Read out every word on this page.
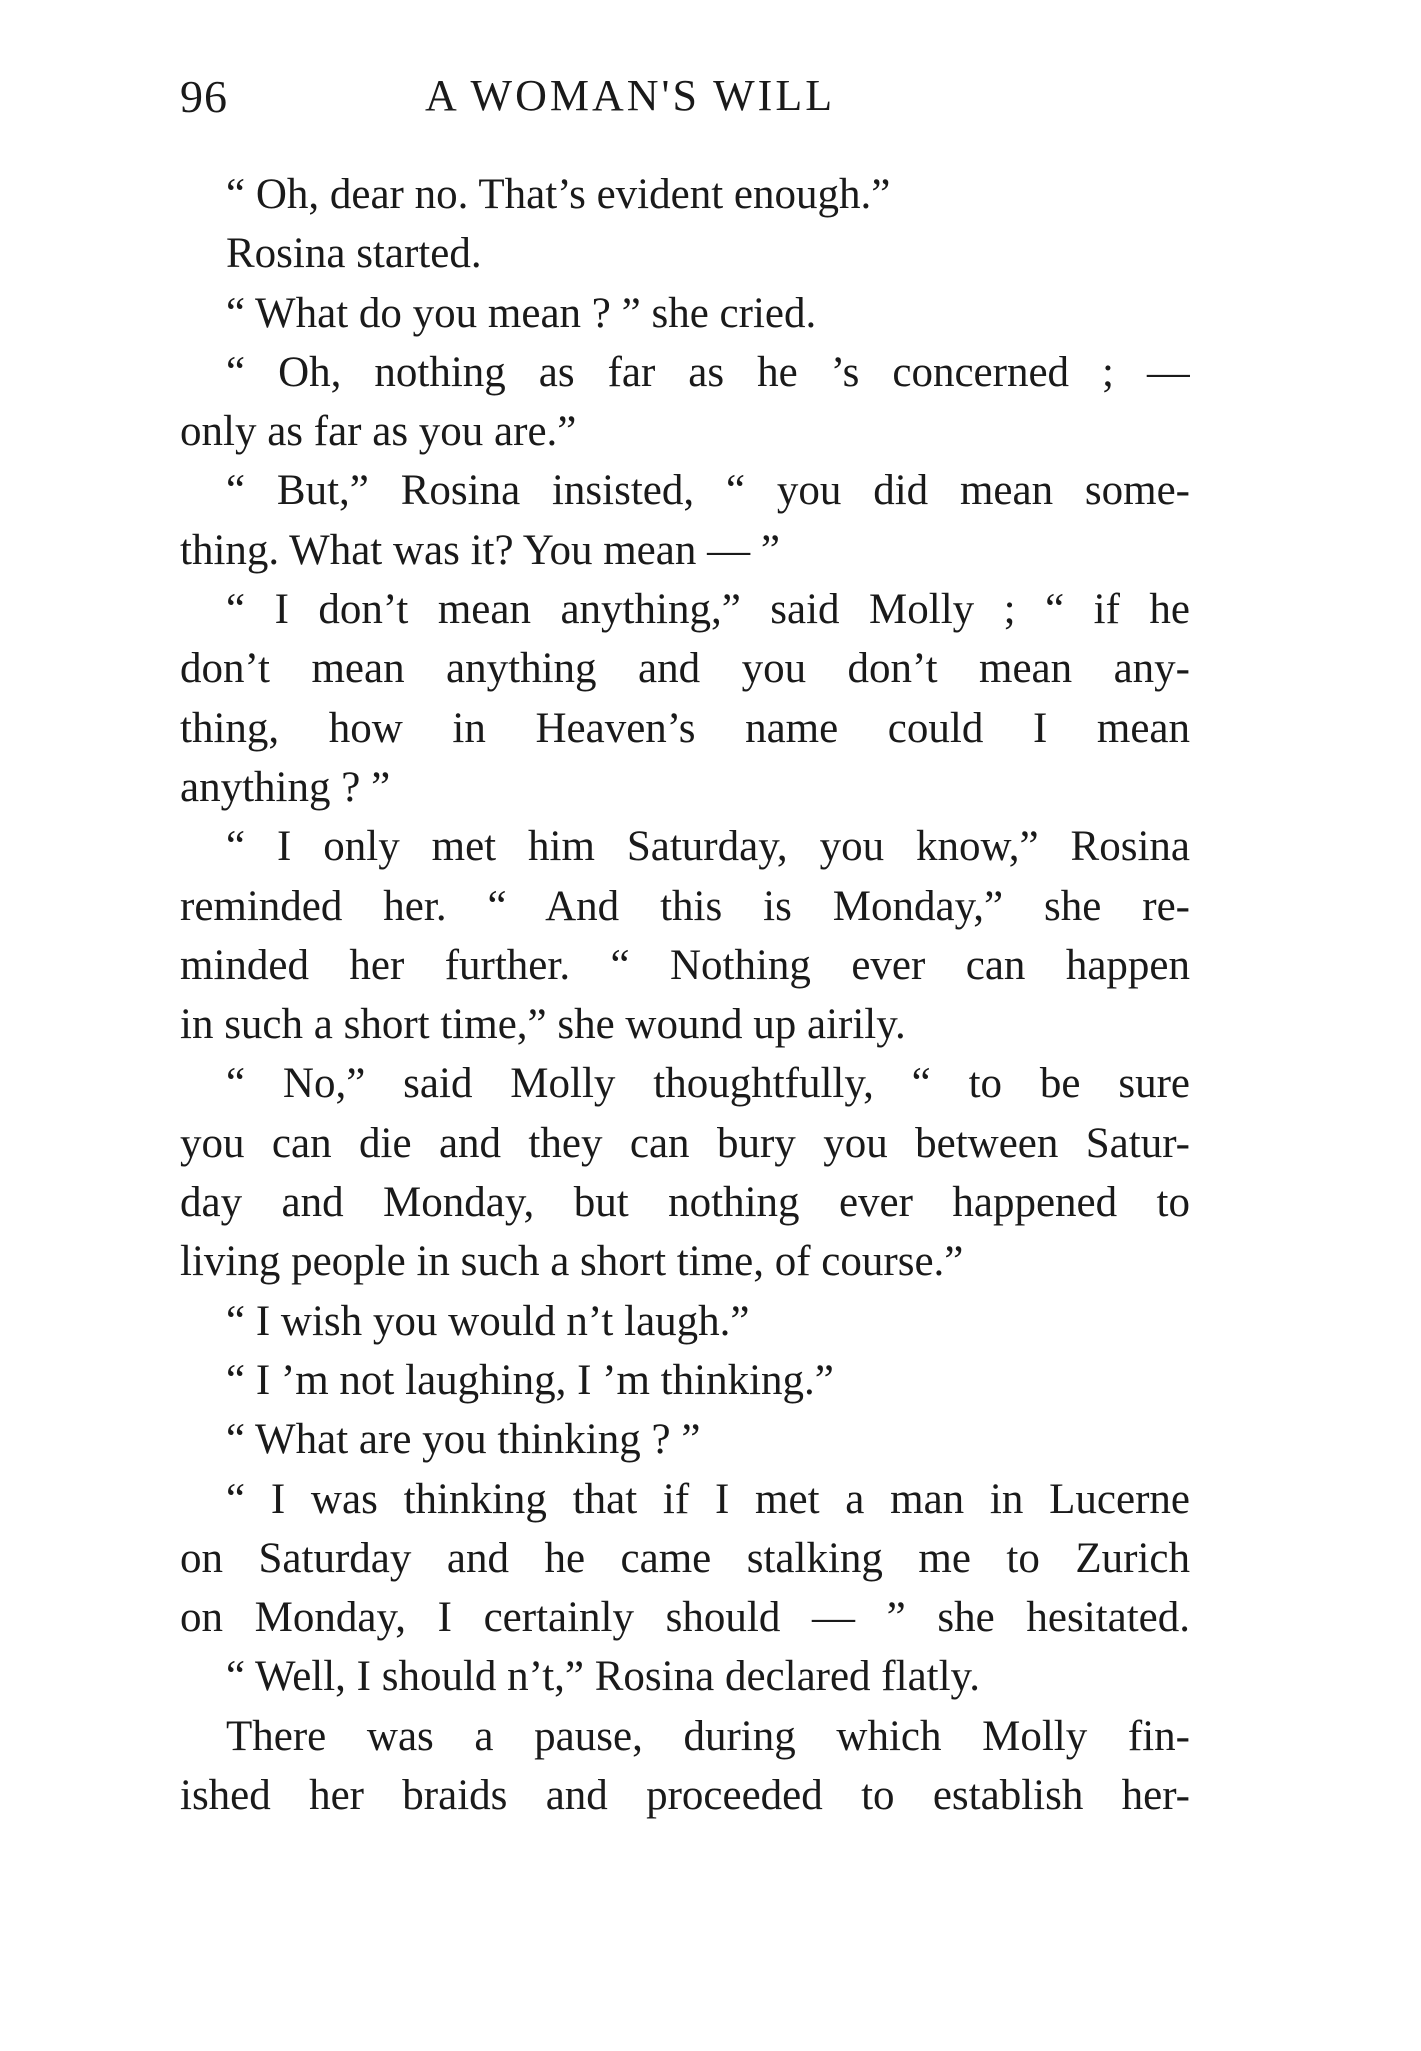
96	A WOMAN'S WILL
“ Oh, dear no. That’s evident enough.”
Rosina started.
“ What do you mean ? ” she cried.
“ Oh, nothing as far as he ’s concerned ; —
only as far as you are.”
“ But,” Rosina insisted, “ you did mean some-
thing. What was it? You mean — ”
“ I don’t mean anything,” said Molly ; “ if he
don’t mean anything and you don’t mean any-
thing, how in Heaven’s name could I mean
anything ? ”
“ I only met him Saturday, you know,” Rosina
reminded her. “ And this is Monday,” she re-
minded her further. “ Nothing ever can happen
in such a short time,” she wound up airily.
“ No,” said Molly thoughtfully, “ to be sure
you can die and they can bury you between Satur-
day and Monday, but nothing ever happened to
living people in such a short time, of course.”
“ I wish you would n’t laugh.”
“ I ’m not laughing, I ’m thinking.”
“ What are you thinking ? ”
“ I was thinking that if I met a man in Lucerne
on Saturday and he came stalking me to Zurich
on Monday, I certainly should — ” she hesitated.
“ Well, I should n’t,” Rosina declared flatly.
There was a pause, during which Molly fin-
ished her braids and proceeded to establish her-
